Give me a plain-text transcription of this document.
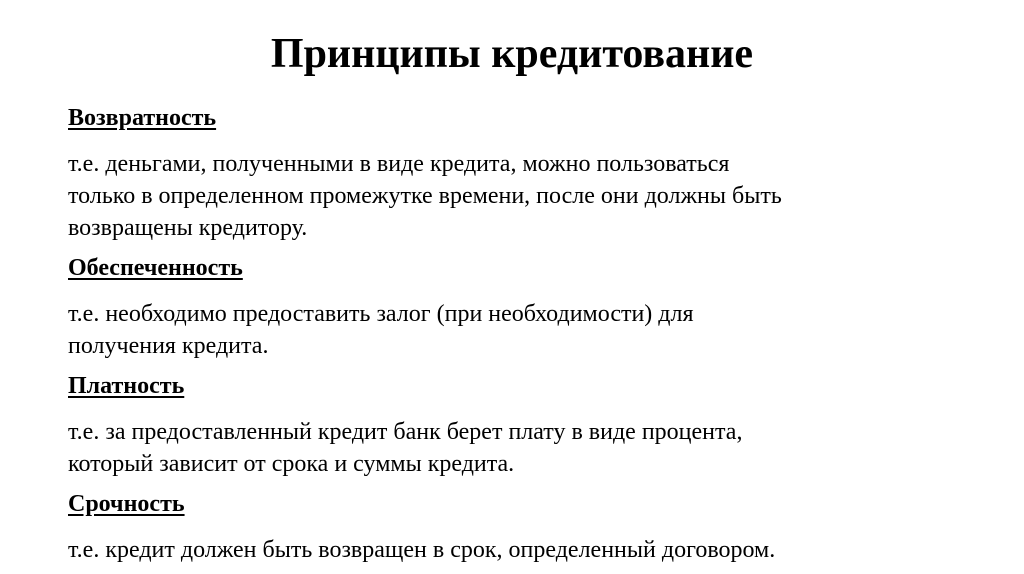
Принципы кредитование
Возвратность
т.е. деньгами, полученными в виде кредита, можно пользоваться
только в определенном промежутке времени, после они должны быть
возвращены кредитору.
Обеспеченность
т.е. необходимо предоставить залог (при необходимости) для
получения кредита.
Платность
т.е. за предоставленный кредит банк берет плату в виде процента,
который зависит от срока и суммы кредита.
Срочность
т.е. кредит должен быть возвращен в срок, определенный договором.
